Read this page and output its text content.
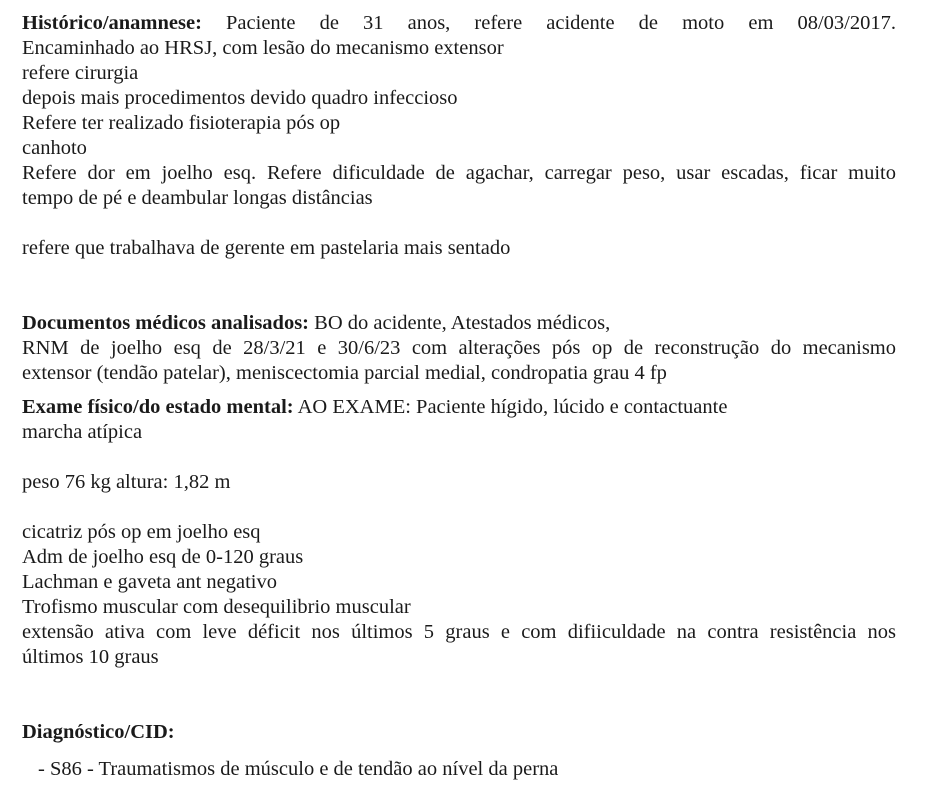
Histórico/anamnese: Paciente de 31 anos, refere acidente de moto em 08/03/2017.
Encaminhado ao HRSJ, com lesão do mecanismo extensor
refere cirurgia
depois mais procedimentos devido quadro infeccioso
Refere ter realizado fisioterapia pós op
canhoto
Refere dor em joelho esq. Refere dificuldade de agachar, carregar peso, usar escadas, ficar muito
tempo de pé e deambular longas distâncias
refere que trabalhava de gerente em pastelaria mais sentado
Documentos médicos analisados: BO do acidente, Atestados médicos,
RNM de joelho esq de 28/3/21 e 30/6/23 com alterações pós op de reconstrução do mecanismo
extensor (tendão patelar), meniscectomia parcial medial, condropatia grau 4 fp
Exame físico/do estado mental: AO EXAME: Paciente hígido, lúcido e contactuante
marcha atípica
peso 76 kg altura: 1,82 m
cicatriz pós op em joelho esq
Adm de joelho esq de 0-120 graus
Lachman e gaveta ant negativo
Trofismo muscular com desequilibrio muscular
extensão ativa com leve déficit nos últimos 5 graus e com difiiculdade na contra resistência nos
últimos 10 graus
Diagnóstico/CID:
- S86 - Traumatismos de músculo e de tendão ao nível da perna
